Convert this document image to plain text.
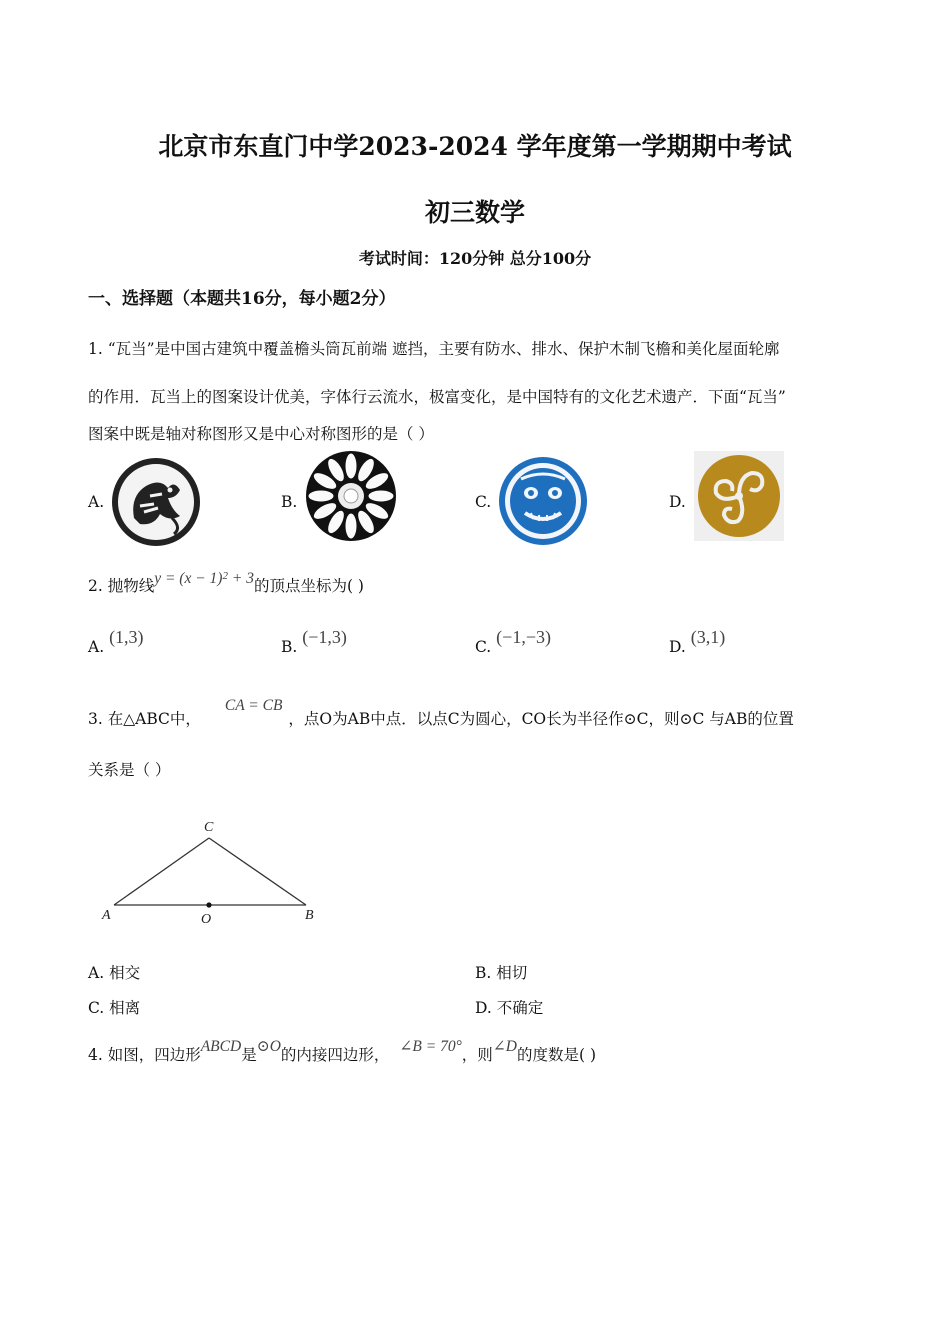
北京市东直门中学2023-2024 学年度第一学期期中考试
初三数学
考试时间：120分钟 总分100分
一、选择题（本题共16分，每小题2分）
1. “瓦当”是中国古建筑中覆盖檐头筒瓦前端 遮挡，主要有防水、排水、保护木制飞檐和美化屋面轮廓
的作用．瓦当上的图案设计优美，字体行云流水，极富变化，是中国特有的文化艺术遗产．下面“瓦当”
图案中既是轴对称图形又是中心对称图形的是（ ）
A.	B.	C.	D.
2. 抛物线$y = (x - 1)^2 + 3$的顶点坐标为( )
A. (1,3)	B. (−1,3)	C. (−1,−3)	D. (3,1)
3. 在△ABC中，CA = CB，点O为AB中点．以点C为圆心，CO长为半径作⊙C，则⊙C 与AB的位置
关系是（ ）
C
A	O	B
A. 相交	B. 相切
C. 相离	D. 不确定
4. 如图，四边形ABCD是⊙O的内接四边形， ∠B = 70°，则∠D的度数是( )
